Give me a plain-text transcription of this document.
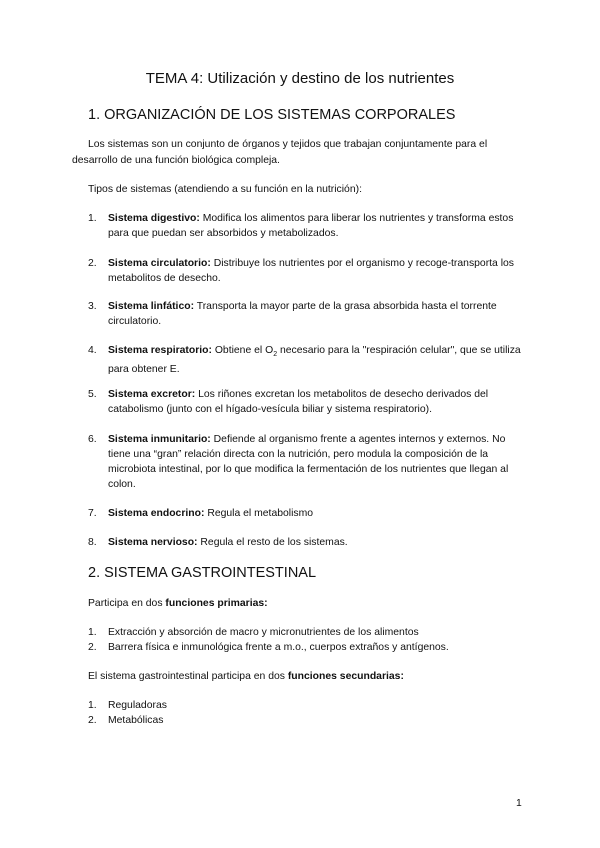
TEMA 4: Utilización y destino de los nutrientes
1. ORGANIZACIÓN DE LOS SISTEMAS CORPORALES

Los sistemas son un conjunto de órganos y tejidos que trabajan conjuntamente para el desarrollo de una función biológica compleja.

Tipos de sistemas (atendiendo a su función en la nutrición):

1.	Sistema digestivo: Modifica los alimentos para liberar los nutrientes y transforma estos para que puedan ser absorbidos y metabolizados.
2.	Sistema circulatorio: Distribuye los nutrientes por el organismo y recoge-transporta los metabolitos de desecho.
3.	Sistema linfático: Transporta la mayor parte de la grasa absorbida hasta el torrente circulatorio.
4.	Sistema respiratorio: Obtiene el $O_2$ necesario para la "respiración celular", que se utiliza para obtener E.
5.	Sistema excretor: Los riñones excretan los metabolitos de desecho derivados del catabolismo (junto con el hígado-vesícula biliar y sistema respiratorio).
6.	Sistema inmunitario: Defiende al organismo frente a agentes internos y externos. No tiene una “gran” relación directa con la nutrición, pero modula la composición de la microbiota intestinal, por lo que modifica la fermentación de los nutrientes que llegan al colon.
7.	Sistema endocrino: Regula el metabolismo
8.	Sistema nervioso: Regula el resto de los sistemas.
2. SISTEMA GASTROINTESTINAL

Participa en dos funciones primarias:

1. Extracción y absorción de macro y micronutrientes de los alimentos
2. Barrera física e inmunológica frente a m.o., cuerpos extraños y antígenos.

El sistema gastrointestinal participa en dos funciones secundarias:

1. Reguladoras
2. Metabólicas
1
